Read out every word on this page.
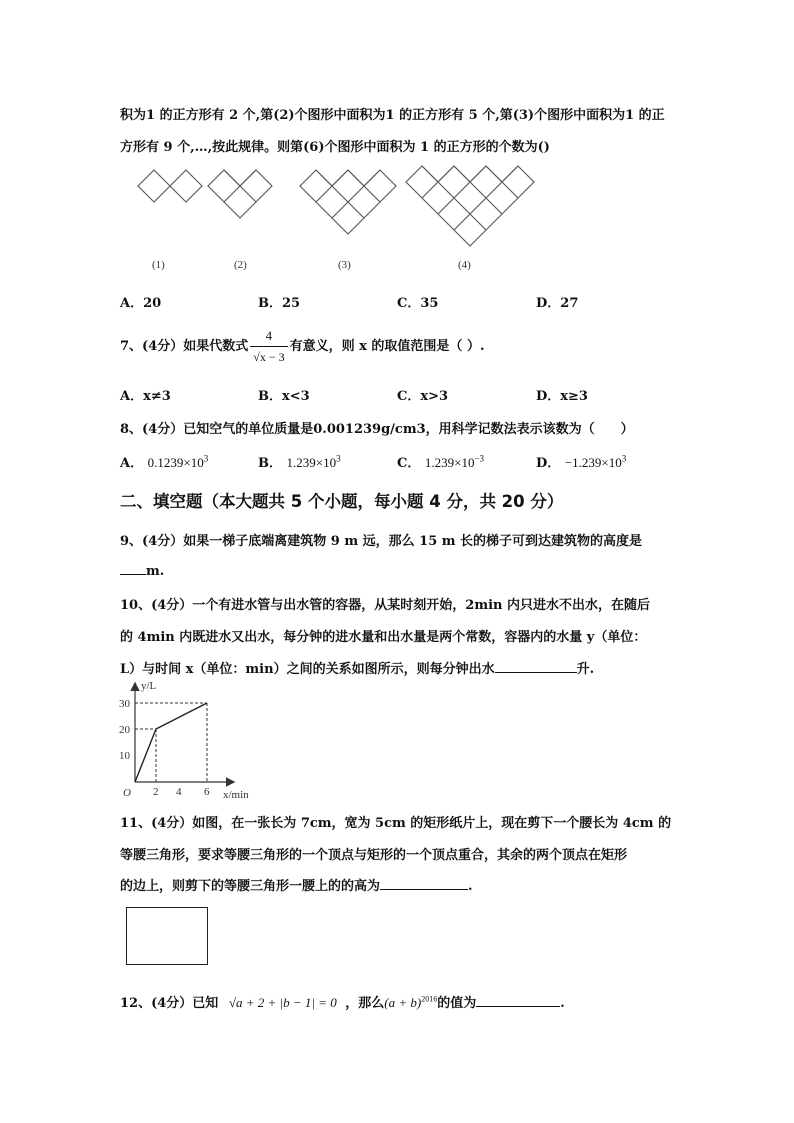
积为1 的正方形有 2 个,第(2)个图形中面积为1 的正方形有 5 个,第(3)个图形中面积为1 的正
方形有 9 个,…,按此规律。则第(6)个图形中面积为 1 的正方形的个数为()
(1)	(2)	(3)	(4)
A．20	B．25	C．35	D．27
7、(4分）如果代数式 $\frac{4}{√x - 3}$ 有意义，则 x 的取值范围是（ ）.
A．x≠3	B．x<3	C．x>3	D．x≥3
8、(4分）已知空气的单位质量是0.001239g/cm3，用科学记数法表示该数为（　　）
A． $0.1239\times 10^3$	B． $1.239\times 10^3$	C． $1.239\times 10^{-3}$	D． $-1.239\times 10^3$
二、填空题（本大题共 5 个小题，每小题 4 分，共 20 分）
9、(4分）如果一梯子底端离建筑物 9 m 远，那么 15 m 长的梯子可到达建筑物的高度是
m.
10、(4分）一个有进水管与出水管的容器，从某时刻开始，2min 内只进水不出水，在随后
的 4min 内既进水又出水，每分钟的进水量和出水量是两个常数，容器内的水量 y（单位：
L）与时间 x（单位：min）之间的关系如图所示，则每分钟出水	升.
y/L
x/min
O
30
20
10
2 4 6
11、(4分）如图，在一张长为 7cm，宽为 5cm 的矩形纸片上，现在剪下一个腰长为 4cm 的
等腰三角形，要求等腰三角形的一个顶点与矩形的一个顶点重合，其余的两个顶点在矩形
的边上，则剪下的等腰三角形一腰上的的高为	.
12、(4分）已知 √a + 2 + |b − 1| = 0 ，那么$(a + b)^{2016}$的值为	.
